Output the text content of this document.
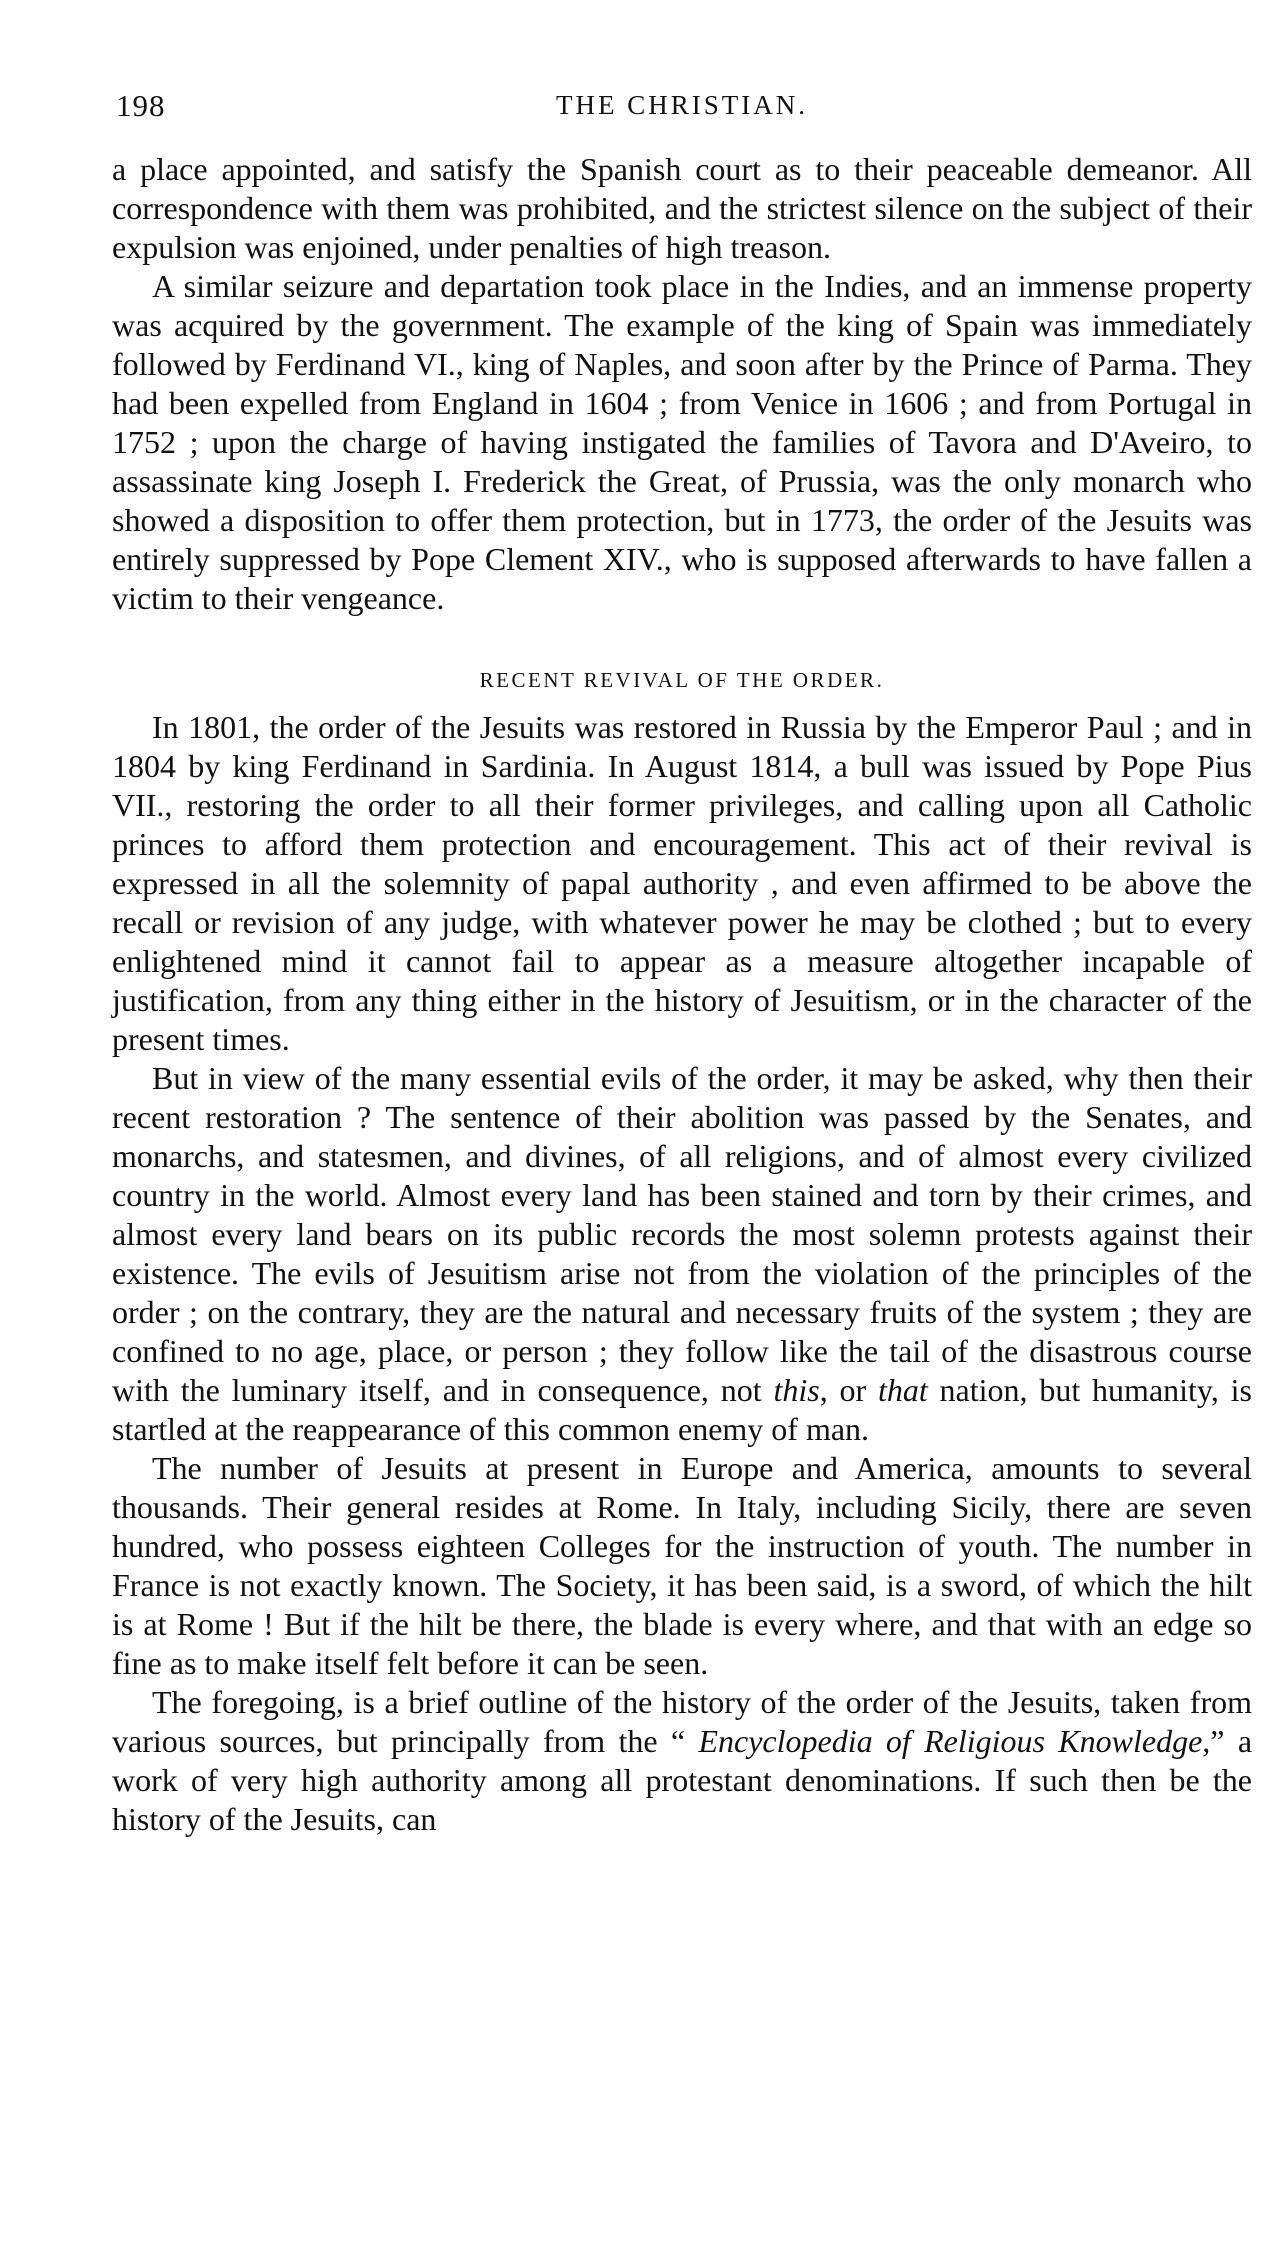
198	THE CHRISTIAN.

a place appointed, and satisfy the Spanish court as to their peaceable demeanor. All correspondence with them was prohibited, and the strictest silence on the subject of their expulsion was enjoined, under penalties of high treason.

A similar seizure and departation took place in the Indies, and an immense property was acquired by the government. The example of the king of Spain was immediately followed by Ferdinand VI., king of Naples, and soon after by the Prince of Parma. They had been expelled from England in 1604 ; from Venice in 1606 ; and from Portugal in 1752 ; upon the charge of having instigated the families of Tavora and D'Aveiro, to assassinate king Joseph I. Frederick the Great, of Prussia, was the only monarch who showed a disposition to offer them protection, but in 1773, the order of the Jesuits was entirely suppressed by Pope Clement XIV., who is supposed afterwards to have fallen a victim to their vengeance.

RECENT REVIVAL OF THE ORDER.

In 1801, the order of the Jesuits was restored in Russia by the Emperor Paul ; and in 1804 by king Ferdinand in Sardinia. In August 1814, a bull was issued by Pope Pius VII., restoring the order to all their former privileges, and calling upon all Catholic princes to afford them protection and encouragement. This act of their revival is expressed in all the solemnity of papal authority , and even affirmed to be above the recall or revision of any judge, with whatever power he may be clothed ; but to every enlightened mind it cannot fail to appear as a measure altogether incapable of justification, from any thing either in the history of Jesuitism, or in the character of the present times.

But in view of the many essential evils of the order, it may be asked, why then their recent restoration ? The sentence of their abolition was passed by the Senates, and monarchs, and statesmen, and divines, of all religions, and of almost every civilized country in the world. Almost every land has been stained and torn by their crimes, and almost every land bears on its public records the most solemn protests against their existence. The evils of Jesuitism arise not from the violation of the principles of the order ; on the contrary, they are the natural and necessary fruits of the system ; they are confined to no age, place, or person ; they follow like the tail of the disastrous course with the luminary itself, and in consequence, not this, or that nation, but humanity, is startled at the reappearance of this common enemy of man.

The number of Jesuits at present in Europe and America, amounts to several thousands. Their general resides at Rome. In Italy, including Sicily, there are seven hundred, who possess eighteen Colleges for the instruction of youth. The number in France is not exactly known. The Society, it has been said, is a sword, of which the hilt is at Rome ! But if the hilt be there, the blade is every where, and that with an edge so fine as to make itself felt before it can be seen.

The foregoing, is a brief outline of the history of the order of the Jesuits, taken from various sources, but principally from the “ Encyclopedia of Religious Knowledge,” a work of very high authority among all protestant denominations. If such then be the history of the Jesuits, can
